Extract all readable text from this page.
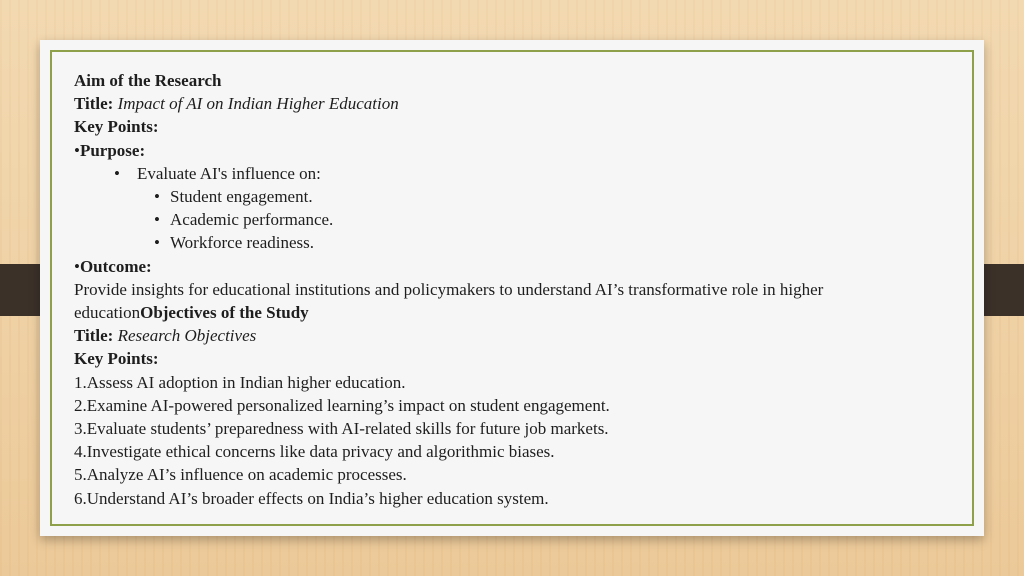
Aim of the Research
Title: Impact of AI on Indian Higher Education
Key Points:
•Purpose:
• Evaluate AI's influence on:
• Student engagement.
• Academic performance.
• Workforce readiness.
•Outcome:
Provide insights for educational institutions and policymakers to understand AI’s transformative role in higher
educationObjectives of the Study
Title: Research Objectives
Key Points:
1.Assess AI adoption in Indian higher education.
2.Examine AI-powered personalized learning’s impact on student engagement.
3.Evaluate students’ preparedness with AI-related skills for future job markets.
4.Investigate ethical concerns like data privacy and algorithmic biases.
5.Analyze AI’s influence on academic processes.
6.Understand AI’s broader effects on India’s higher education system.
